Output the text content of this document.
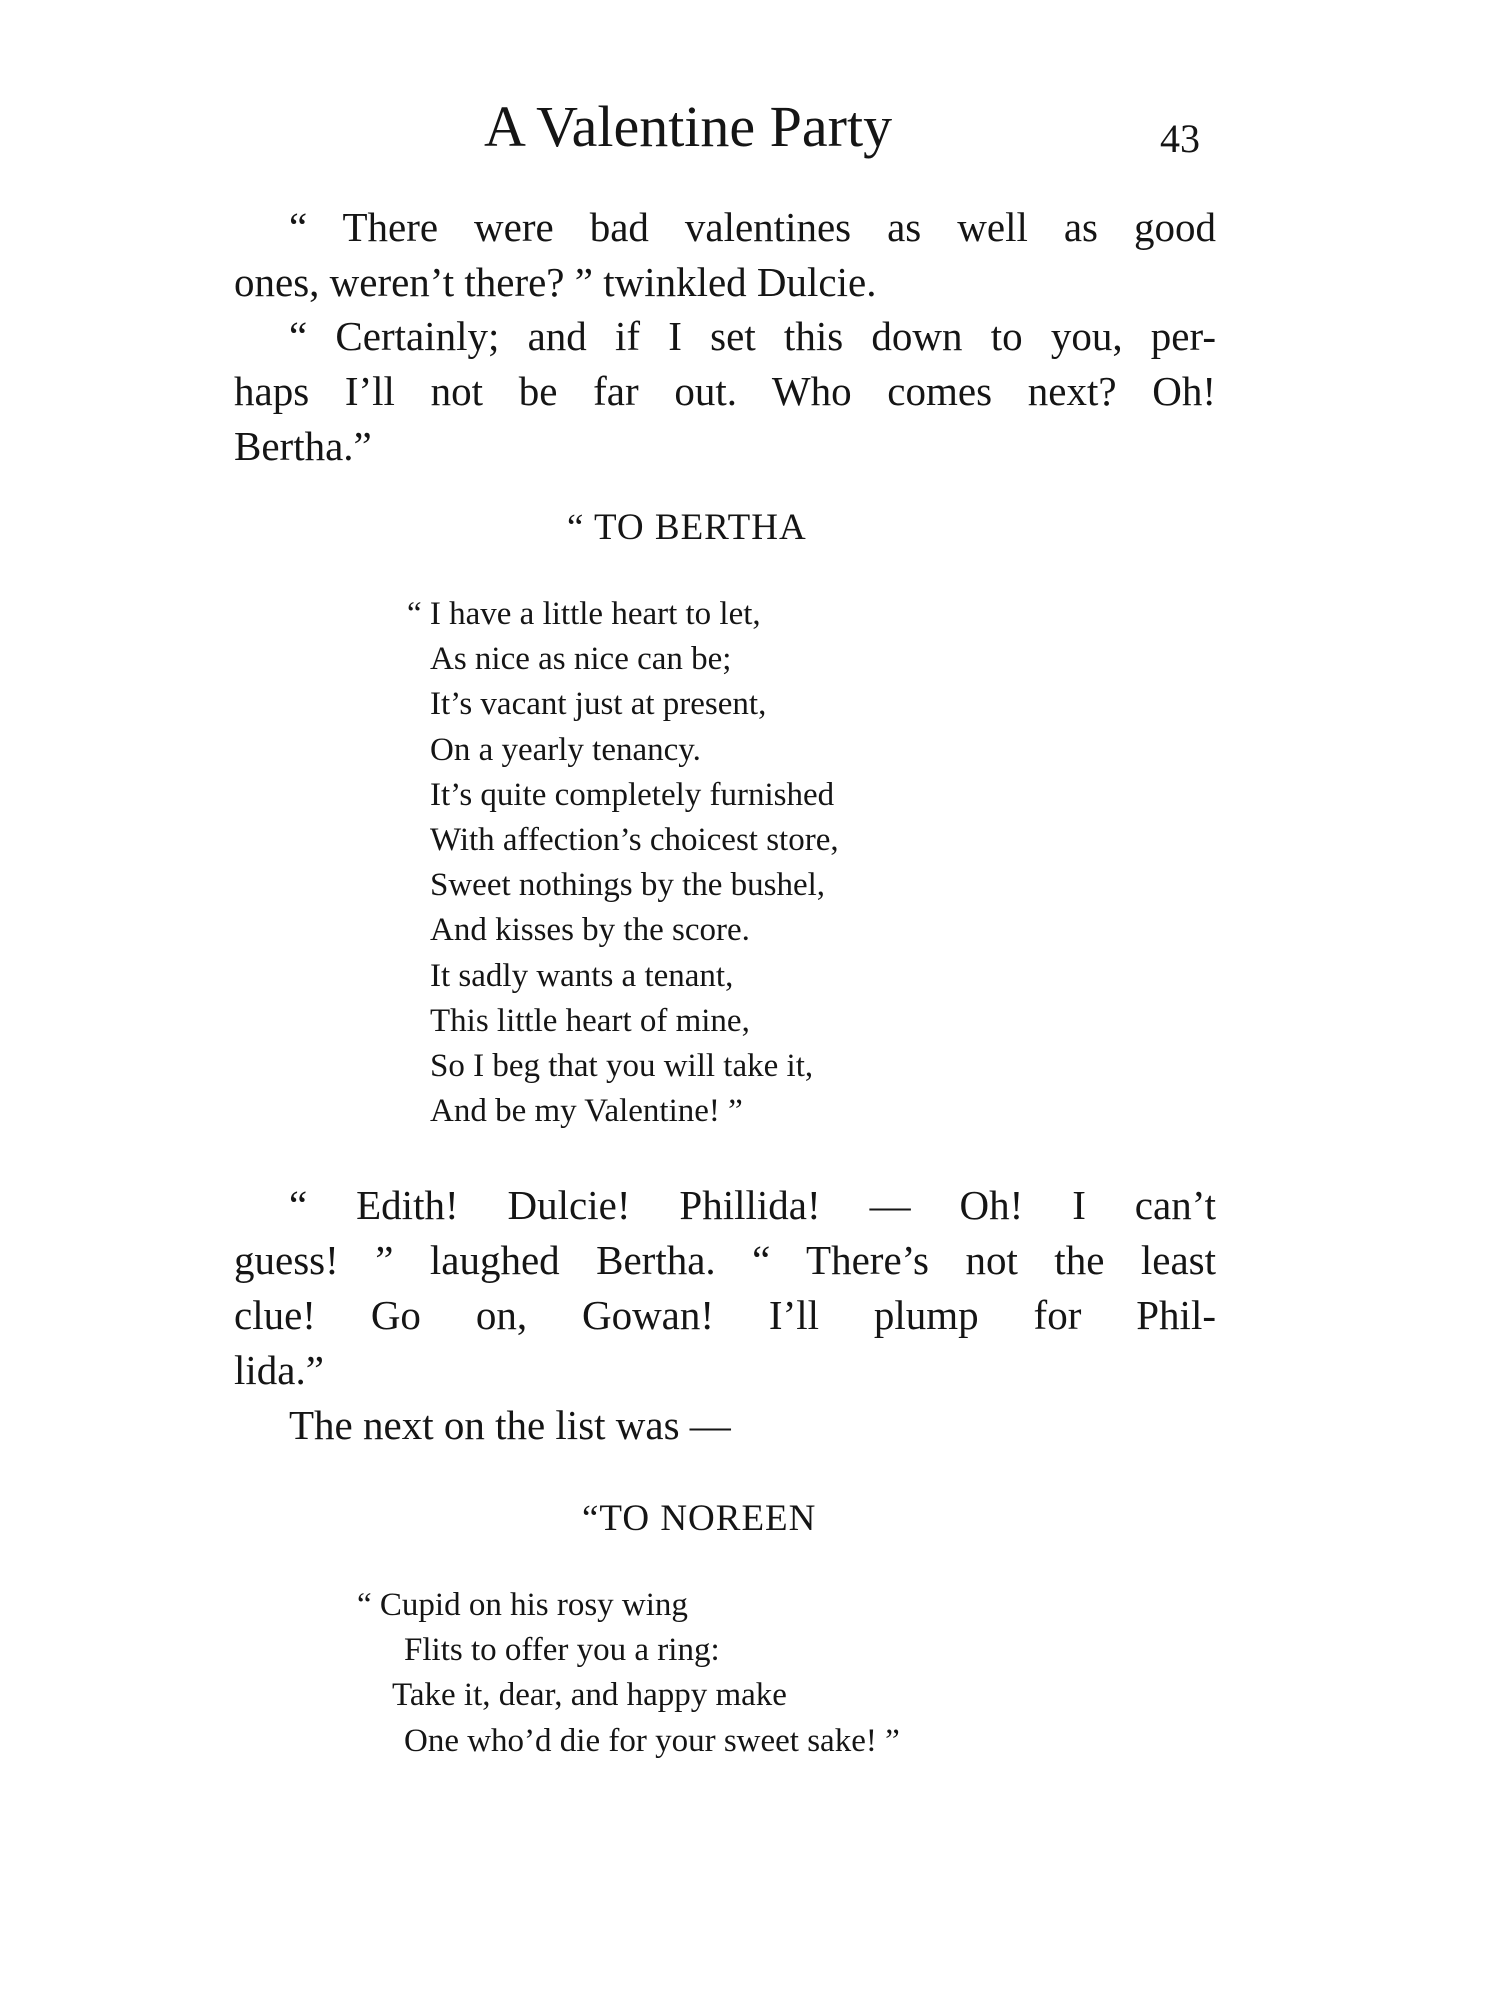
A Valentine Party	43

“ There were bad valentines as well as good

ones, weren’t there? ” twinkled Dulcie.

“ Certainly; and if I set this down to you, per-

haps I’ll not be far out. Who comes next? Oh!

Bertha.”

“ TO BERTHA
“ I have a little heart to let,
As nice as nice can be;
It’s vacant just at present,
On a yearly tenancy.
It’s quite completely furnished
With affection’s choicest store,
Sweet nothings by the bushel,
And kisses by the score.
It sadly wants a tenant,
This little heart of mine,
So I beg that you will take it,
And be my Valentine! ”

“ Edith! Dulcie! Phillida! — Oh! I can’t

guess! ” laughed Bertha. “ There’s not the least

clue! Go on, Gowan! I’ll plump for Phil-

lida.”

The next on the list was —

“TO NOREEN
“ Cupid on his rosy wing
Flits to offer you a ring:
Take it, dear, and happy make
One who’d die for your sweet sake! ”
